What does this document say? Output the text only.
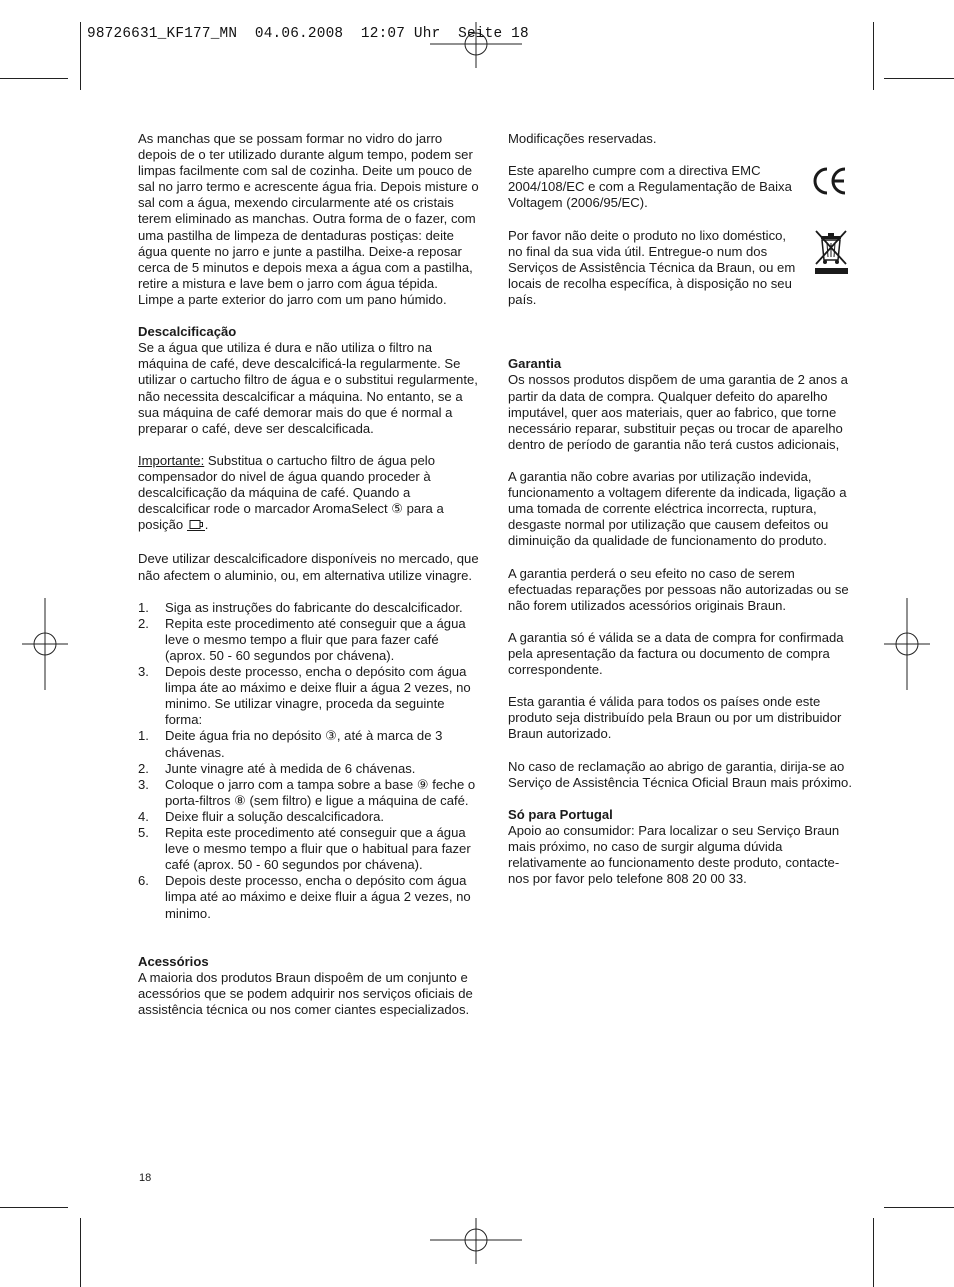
98726631_KF177_MN  04.06.2008  12:07 Uhr  Seite 18

As manchas que se possam formar no vidro do jarro depois de o ter utilizado durante algum tempo, podem ser limpas facilmente com sal de cozinha. Deite um pouco de sal no jarro termo e acrescente água fria. Depois misture o sal com a água, mexendo circularmente até os cristais terem eliminado as manchas. Outra forma de o fazer, com uma pastilha de limpeza de dentaduras postiças: deite água quente no jarro e junte a pastilha. Deixe-a reposar cerca de 5 minutos e depois mexa a água com a pastilha, retire a mistura e lave bem o jarro com água tépida.

Limpe a parte exterior do jarro com um pano húmido.

Descalcificação

Se a água que utiliza é dura e não utiliza o filtro na máquina de café, deve descalcificá-la regularmente. Se utilizar o cartucho filtro de água e o substitui regularmente, não necessita descalcificar a máquina. No entanto, se a sua máquina de café demorar mais do que é normal a preparar o café, deve ser descalcificada.

Importante: Substitua o cartucho filtro de água pelo compensador do nivel de água quando proceder à descalcificação da máquina de café. Quando a descalcificar rode o marcador AromaSelect ⑤ para a posição .

Deve utilizar descalcificadore disponíveis no mercado, que não afectem o aluminio, ou, em alternativa utilize vinagre.

1. Siga as instruções do fabricante do descalcificador.
2. Repita este procedimento até conseguir que a água leve o mesmo tempo a fluir que para fazer café (aprox. 50 - 60 segundos por chávena).
3. Depois deste processo, encha o depósito com água limpa áte ao máximo e deixe fluir a água 2 vezes, no minimo. Se utilizar vinagre, proceda da seguinte forma:
1. Deite água fria no depósito ③, até à marca de 3 chávenas.
2. Junte vinagre até à medida de 6 chávenas.
3. Coloque o jarro com a tampa sobre a base ⑨ feche o porta-filtros ⑧ (sem filtro) e ligue a máquina de café.
4. Deixe fluir a solução descalcificadora.
5. Repita este procedimento até conseguir que a água leve o mesmo tempo a fluir que o habitual para fazer café (aprox. 50 - 60 segundos por chávena).
6. Depois deste processo, encha o depósito com água limpa até ao máximo e deixe fluir a água 2 vezes, no minimo.
Acessórios

A maioria dos produtos Braun dispoêm de um conjunto e acessórios que se podem adquirir nos serviços oficiais de assistência técnica ou nos comer ciantes especializados.

Modificações reservadas.

Este aparelho cumpre com a directiva EMC 2004/108/EC e com a Regulamentação de Baixa Voltagem (2006/95/EC).

Por favor não deite o produto no lixo doméstico, no final da sua vida útil. Entregue-o num dos Serviços de Assistência Técnica da Braun, ou em locais de recolha específica, à disposição no seu país.

Garantia

Os nossos produtos dispõem de uma garantia de 2 anos a partir da data de compra. Qualquer defeito do aparelho imputável, quer aos materiais, quer ao fabrico, que torne necessário reparar, substituir peças ou trocar de aparelho dentro de período de garantia não terá custos adicionais,

A garantia não cobre avarias por utilização indevida, funcionamento a voltagem diferente da indicada, ligação a uma tomada de corrente eléctrica incorrecta, ruptura, desgaste normal por utilização que causem defeitos ou diminuição da qualidade de funcionamento do produto.

A garantia perderá o seu efeito no caso de serem efectuadas reparações por pessoas não autorizadas ou se não forem utilizados acessórios originais Braun.

A garantia só é válida se a data de compra for confirmada pela apresentação da factura ou documento de compra correspondente.

Esta garantia é válida para todos os países onde este produto seja distribuído pela Braun ou por um distribuidor Braun autorizado.

No caso de reclamação ao abrigo de garantia, dirija-se ao Serviço de Assistência Técnica Oficial Braun mais próximo.

Só para Portugal

Apoio ao consumidor: Para localizar o seu Serviço Braun mais próximo, no caso de surgir alguma dúvida relativamente ao funcionamento deste produto, contacte-nos por favor pelo telefone 808 20 00 33.

18
